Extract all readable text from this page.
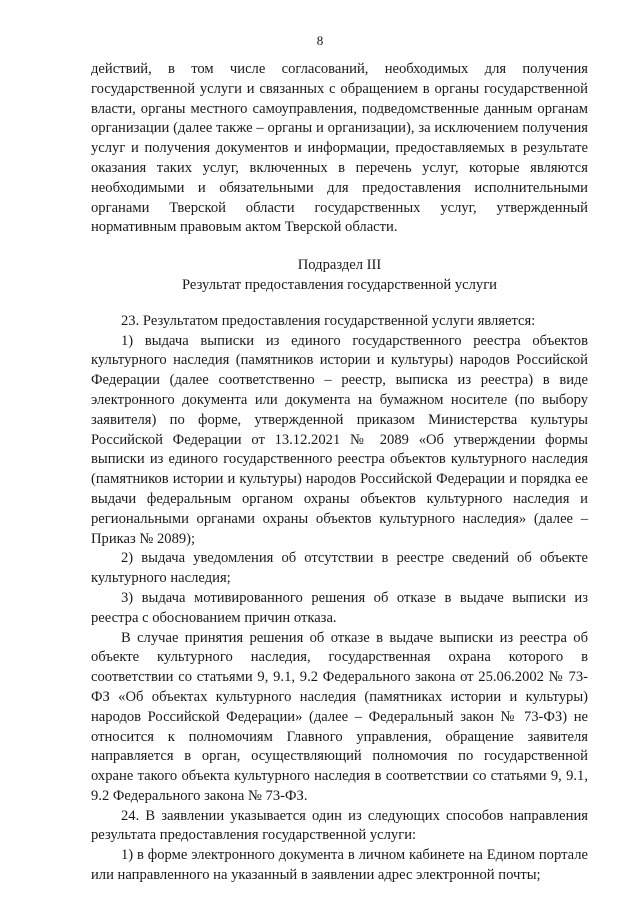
8

действий, в том числе согласований, необходимых для получения государственной услуги и связанных с обращением в органы государственной власти, органы местного самоуправления, подведомственные данным органам организации (далее также – органы и организации), за исключением получения услуг и получения документов и информации, предоставляемых в результате оказания таких услуг, включенных в перечень услуг, которые являются необходимыми и обязательными для предоставления исполнительными органами Тверской области государственных услуг, утвержденный нормативным правовым актом Тверской области.

Подраздел III
Результат предоставления государственной услуги

23. Результатом предоставления государственной услуги является:

1) выдача выписки из единого государственного реестра объектов культурного наследия (памятников истории и культуры) народов Российской Федерации (далее соответственно – реестр, выписка из реестра) в виде электронного документа или документа на бумажном носителе (по выбору заявителя) по форме, утвержденной приказом Министерства культуры Российской Федерации от 13.12.2021 № 2089 «Об утверждении формы выписки из единого государственного реестра объектов культурного наследия (памятников истории и культуры) народов Российской Федерации и порядка ее выдачи федеральным органом охраны объектов культурного наследия и региональными органами охраны объектов культурного наследия» (далее – Приказ № 2089);

2) выдача уведомления об отсутствии в реестре сведений об объекте культурного наследия;

3) выдача мотивированного решения об отказе в выдаче выписки из реестра с обоснованием причин отказа.

В случае принятия решения об отказе в выдаче выписки из реестра об объекте культурного наследия, государственная охрана которого в соответствии со статьями 9, 9.1, 9.2 Федерального закона от 25.06.2002 № 73-ФЗ «Об объектах культурного наследия (памятниках истории и культуры) народов Российской Федерации» (далее – Федеральный закон № 73-ФЗ) не относится к полномочиям Главного управления, обращение заявителя направляется в орган, осуществляющий полномочия по государственной охране такого объекта культурного наследия в соответствии со статьями 9, 9.1, 9.2 Федерального закона № 73-ФЗ.

24. В заявлении указывается один из следующих способов направления результата предоставления государственной услуги:

1) в форме электронного документа в личном кабинете на Едином портале или направленного на указанный в заявлении адрес электронной почты;
